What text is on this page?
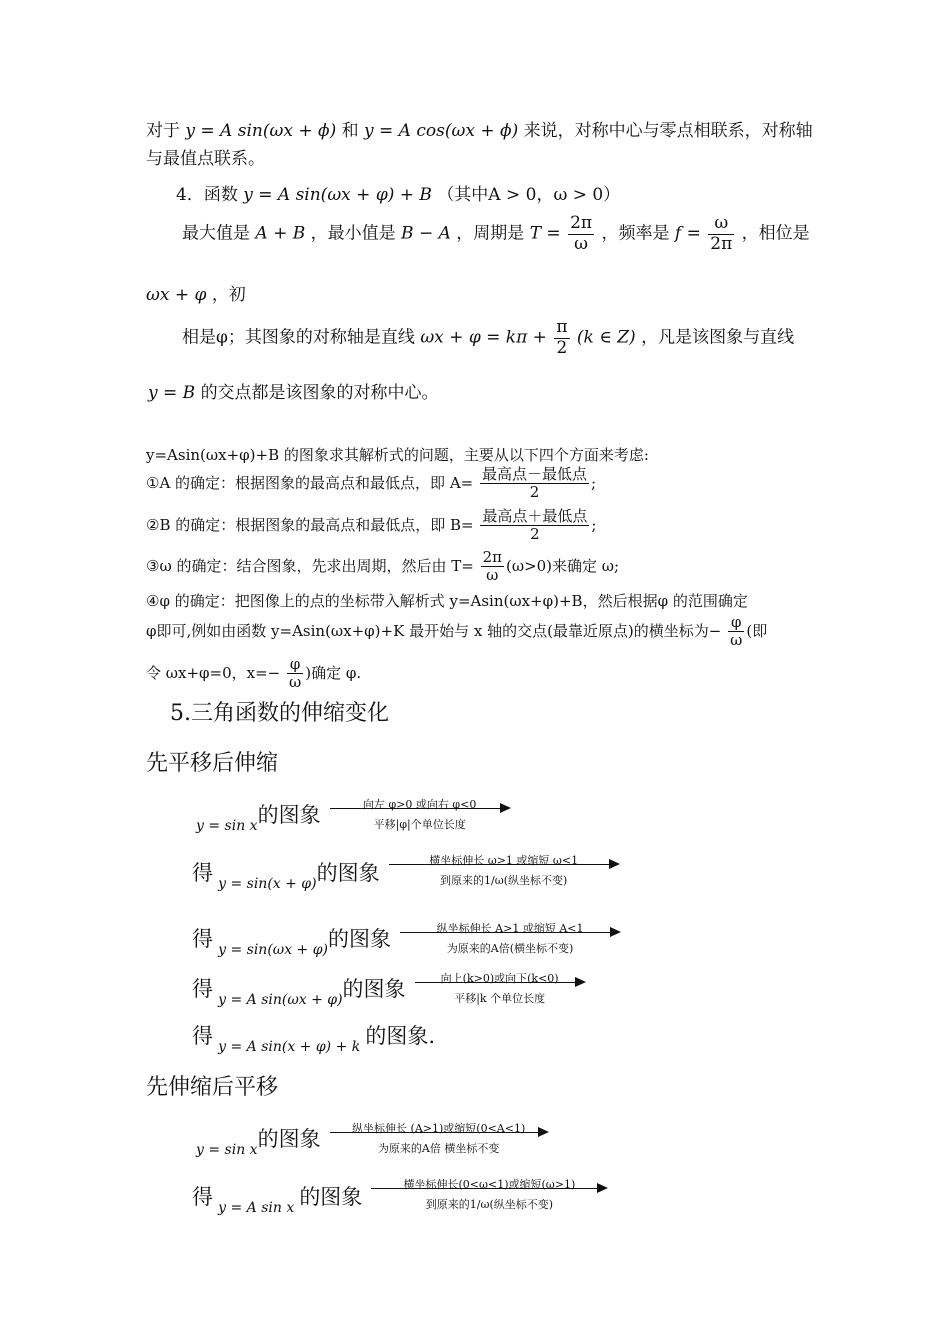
对于 y = A sin(ωx + ϕ) 和 y = A cos(ωx + ϕ) 来说，对称中心与零点相联系，对称轴
与最值点联系。
4．函数 y = A sin(ωx + φ) + B （其中A > 0，ω > 0）
最大值是 A + B ，最小值是 B − A ，周期是 $T = \frac{2\pi}{\omega}$ ，频率是 $f = \frac{\omega}{2\pi}$ ，相位是
ωx + φ ，初
相是φ；其图象的对称轴是直线 $\omega x + \varphi = k\pi + \frac{\pi}{2} (k$ ∈ Z) ，凡是该图象与直线
y = B 的交点都是该图象的对称中心。
y=Asin(ωx+φ)+B 的图象求其解析式的问题，主要从以下四个方面来考虑:
①A 的确定：根据图象的最高点和最低点，即 $A= \frac{\text{最高点－最低点}}{2}$ ;
②B 的确定：根据图象的最高点和最低点，即 $B= \frac{\text{最高点＋最低点}}{2}$ ;
③ω 的确定：结合图象，先求出周期，然后由 $T= \frac{2\pi}{\omega} (\omega>0)$来确定 ω;
④φ 的确定：把图像上的点的坐标带入解析式 y=Asin(ωx+φ)+B，然后根据φ 的范围确定
φ即可,例如由函数 y=Asin(ωx+φ)+K 最开始与 x 轴的交点(最靠近原点)的横坐标为− $\frac{\varphi}{\omega}$ (即
令 ωx+φ=0，$x=- \frac{\varphi}{\omega}$ )确定 φ.
5.三角函数的伸缩变化
先平移后伸缩
y = sin x的图象	向左 φ>0 或向右 φ<0
平移|φ|个单位长度
得 y = sin(x + φ)的图象
横坐标伸长 ω>1 或缩短 ω<1
到原来的1/ω(纵坐标不变)
得 y = sin(ωx + φ)的图象	纵坐标伸长 A>1 或缩短 A<1
为原来的A倍(横坐标不变)
得 y = A sin(ωx + φ)的图象	向上(k>0)或向下(k<0)
平移|k 个单位长度
得 y = A sin(x + φ) + k 的图象.
先伸缩后平移
y = sin x的图象	纵坐标伸长 (A>1)或缩短(0<A<1)
为原来的A倍 横坐标不变
得 y = A sin x 的图象
横坐标伸长(0<ω<1)或缩短(ω>1)
到原来的1/ω(纵坐标不变)
